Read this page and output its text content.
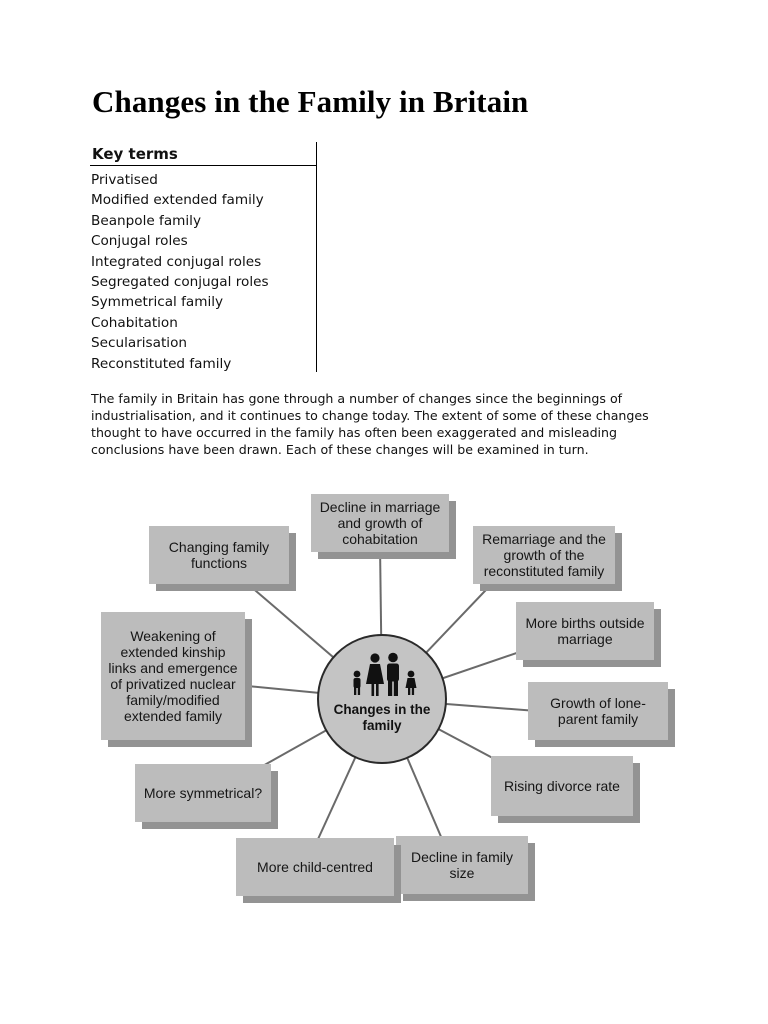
Changes in the Family in Britain
Key terms
Privatised
Modified extended family
Beanpole family
Conjugal roles
Integrated conjugal roles
Segregated conjugal roles
Symmetrical family
Cohabitation
Secularisation
Reconstituted family

The family in Britain has gone through a number of changes since the beginnings of industrialisation, and it continues to change today. The extent of some of these changes thought to have occurred in the family has often been exaggerated and misleading conclusions have been drawn. Each of these changes will be examined in turn.

Changing family functions
Decline in marriage and growth of cohabitation	Remarriage and the growth of the reconstituted family
More births outside marriage
Growth of lone-parent family
Rising divorce rate
Decline in family size
More child-centred
More symmetrical?
Weakening of extended kinship links and emergence of privatized nuclear family/modified extended family	Changes in the family
